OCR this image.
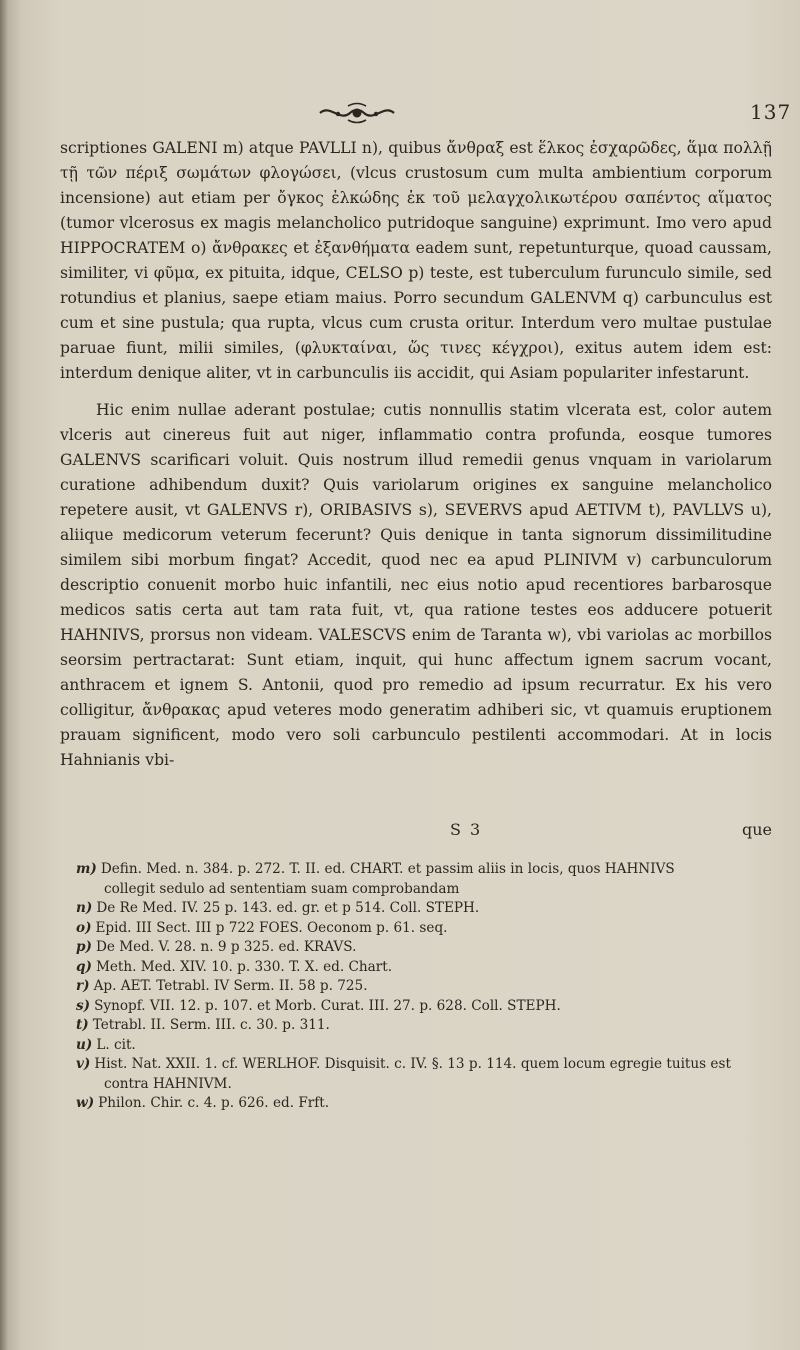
137

scriptiones GALENI m) atque PAVLLI n), quibus ἄνθραξ est ἕλκος ἐσχαρῶδες, ἅμα πολλῇ τῇ τῶν πέριξ σωμάτων φλογώσει, (vlcus crustosum cum multa ambientium corporum incensione) aut etiam per ὄγκος ἑλκώδης ἐκ τοῦ μελαγχολικωτέρου σαπέντος αἵματος (tumor vlcerosus ex magis melancholico putridoque sanguine) exprimunt. Imo vero apud HIPPOCRATEM o) ἄνθρακες et ἐξανθήματα eadem sunt, repetunturque, quoad caussam, similiter, vi φῦμα, ex pituita, idque, CELSO p) teste, est tuberculum furunculo simile, sed rotundius et planius, saepe etiam maius. Porro secundum GALENVM q) carbunculus est cum et sine pustula; qua rupta, vlcus cum crusta oritur. Interdum vero multae pustulae paruae fiunt, milii similes, (φλυκταίναι, ὥς τινες κέγχροι), exitus autem idem est: interdum denique aliter, vt in carbunculis iis accidit, qui Asiam populariter infestarunt.

Hic enim nullae aderant postulae; cutis nonnullis statim vlcerata est, color autem vlceris aut cinereus fuit aut niger, inflammatio contra profunda, eosque tumores GALENVS scarificari voluit. Quis nostrum illud remedii genus vnquam in variolarum curatione adhibendum duxit? Quis variolarum origines ex sanguine melancholico repetere ausit, vt GALENVS r), ORIBASIVS s), SEVERVS apud AETIVM t), PAVLLVS u), aliique medicorum veterum fecerunt? Quis denique in tanta signorum dissimilitudine similem sibi morbum fingat? Accedit, quod nec ea apud PLINIVM v) carbunculorum descriptio conuenit morbo huic infantili, nec eius notio apud recentiores barbarosque medicos satis certa aut tam rata fuit, vt, qua ratione testes eos adducere potuerit HAHNIVS, prorsus non videam. VALESCVS enim de Taranta w), vbi variolas ac morbillos seorsim pertractarat: Sunt etiam, inquit, qui hunc affectum ignem sacrum vocant, anthracem et ignem S. Antonii, quod pro remedio ad ipsum recurratur. Ex his vero colligitur, ἄνθρακας apud veteres modo generatim adhiberi sic, vt quamuis eruptionem prauam significent, modo vero soli carbunculo pestilenti accommodari. At in locis Hahnianis vbi-

S 3	que

m) Defin. Med. n. 384. p. 272. T. II. ed. CHART. et passim aliis in locis, quos HAHNIVS
collegit sedulo ad sententiam suam comprobandam

n) De Re Med. IV. 25 p. 143. ed. gr. et p 514. Coll. STEPH.

o) Epid. III Sect. III p 722 FOES. Oeconom p. 61. seq.

p) De Med. V. 28. n. 9 p 325. ed. KRAVS.

q) Meth. Med. XIV. 10. p. 330. T. X. ed. Chart.

r) Ap. AET. Tetrabl. IV Serm. II. 58 p. 725.

s) Synopf. VII. 12. p. 107. et Morb. Curat. III. 27. p. 628. Coll. STEPH.

t) Tetrabl. II. Serm. III. c. 30. p. 311.

u) L. cit.

v) Hist. Nat. XXII. 1. cf. WERLHOF. Disquisit. c. IV. §. 13 p. 114. quem locum egregie tuitus est contra HAHNIVM.

w) Philon. Chir. c. 4. p. 626. ed. Frft.
